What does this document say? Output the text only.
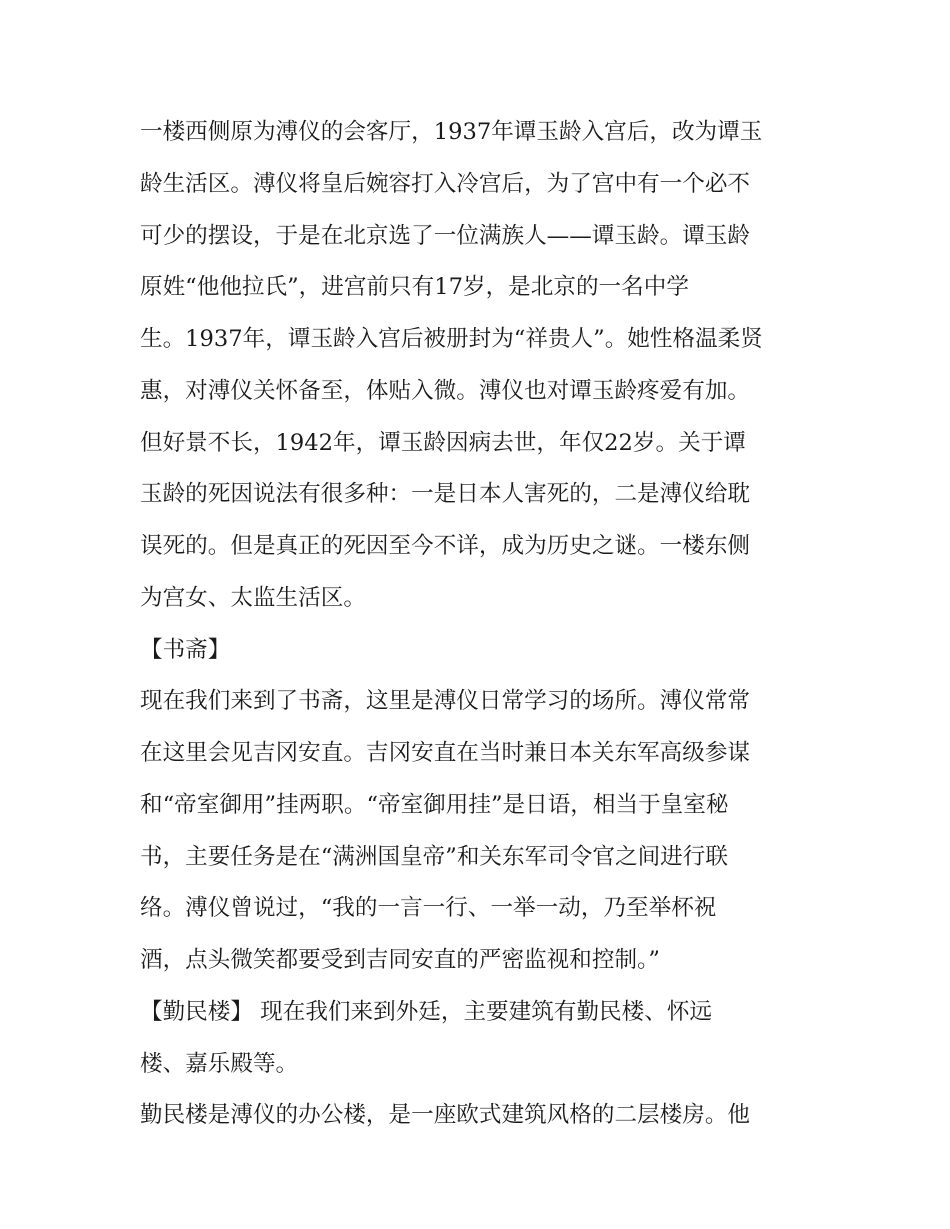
一楼西侧原为溥仪的会客厅，1937年谭玉龄入宫后，改为谭玉
龄生活区。溥仪将皇后婉容打入冷宫后，为了宫中有一个必不
可少的摆设，于是在北京选了一位满族人——谭玉龄。谭玉龄
原姓“他他拉氏”，进宫前只有17岁，是北京的一名中学
生。1937年，谭玉龄入宫后被册封为“祥贵人”。她性格温柔贤
惠，对溥仪关怀备至，体贴入微。溥仪也对谭玉龄疼爱有加。
但好景不长，1942年，谭玉龄因病去世，年仅22岁。关于谭
玉龄的死因说法有很多种：一是日本人害死的，二是溥仪给耽
误死的。但是真正的死因至今不详，成为历史之谜。一楼东侧
为宫女、太监生活区。
【书斋】
现在我们来到了书斋，这里是溥仪日常学习的场所。溥仪常常
在这里会见吉冈安直。吉冈安直在当时兼日本关东军高级参谋
和“帝室御用”挂两职。“帝室御用挂”是日语，相当于皇室秘
书，主要任务是在“满洲国皇帝”和关东军司令官之间进行联
络。溥仪曾说过，“我的一言一行、一举一动，乃至举杯祝
酒，点头微笑都要受到吉同安直的严密监视和控制。”
【勤民楼】 现在我们来到外廷，主要建筑有勤民楼、怀远
楼、嘉乐殿等。
勤民楼是溥仪的办公楼，是一座欧式建筑风格的二层楼房。他
